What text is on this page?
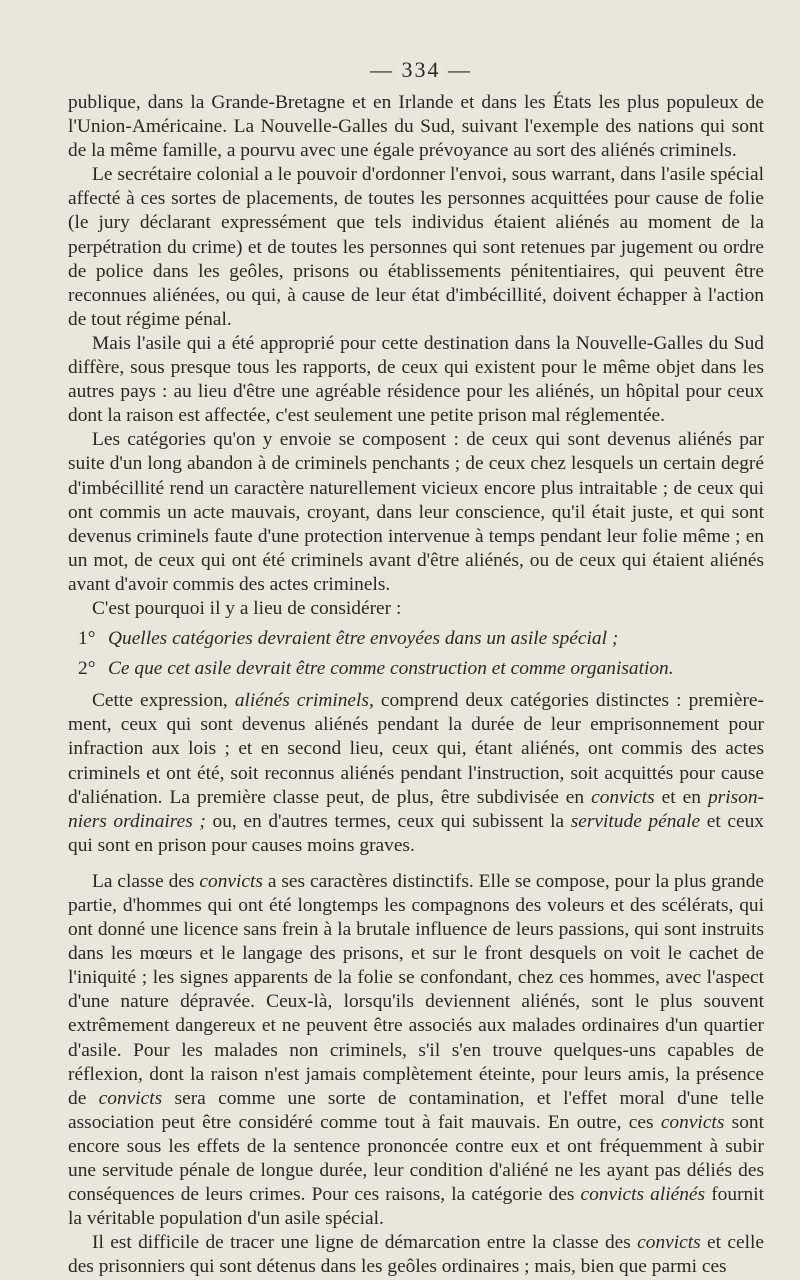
— 334 —

publique, dans la Grande-Bretagne et en Irlande et dans les États les plus populeux de l'Union-Américaine. La Nouvelle-Galles du Sud, suivant l'exemple des nations qui sont de la même famille, a pourvu avec une égale prévoyance au sort des aliénés criminels.

Le secrétaire colonial a le pouvoir d'ordonner l'envoi, sous warrant, dans l'asile spécial affecté à ces sortes de placements, de toutes les personnes acquittées pour cause de folie (le jury déclarant expressément que tels individus étaient aliénés au moment de la perpétration du crime) et de toutes les personnes qui sont retenues par jugement ou ordre de police dans les geôles, prisons ou établissements pénitentiaires, qui peuvent être reconnues aliénées, ou qui, à cause de leur état d'imbécillité, doivent échapper à l'action de tout régime pénal.

Mais l'asile qui a été approprié pour cette destination dans la Nouvelle-Galles du Sud diffère, sous presque tous les rapports, de ceux qui existent pour le même objet dans les autres pays : au lieu d'être une agréable résidence pour les aliénés, un hôpital pour ceux dont la raison est affectée, c'est seulement une petite prison mal réglementée.

Les catégories qu'on y envoie se composent : de ceux qui sont devenus aliénés par suite d'un long abandon à de criminels penchants ; de ceux chez lesquels un certain degré d'imbécillité rend un caractère naturellement vicieux encore plus intraitable ; de ceux qui ont commis un acte mauvais, croyant, dans leur conscience, qu'il était juste, et qui sont devenus criminels faute d'une protection intervenue à temps pendant leur folie même ; en un mot, de ceux qui ont été criminels avant d'être aliénés, ou de ceux qui étaient aliénés avant d'avoir commis des actes criminels.

C'est pourquoi il y a lieu de considérer :

1° Quelles catégories devraient être envoyées dans un asile spécial ;
2° Ce que cet asile devrait être comme construction et comme organisation.

Cette expression, aliénés criminels, comprend deux catégories distinctes : premièrement, ceux qui sont devenus aliénés pendant la durée de leur emprisonnement pour infraction aux lois ; et en second lieu, ceux qui, étant aliénés, ont commis des actes criminels et ont été, soit reconnus aliénés pendant l'instruction, soit acquittés pour cause d'aliénation. La première classe peut, de plus, être subdivisée en convicts et en prisonniers ordinaires ; ou, en d'autres termes, ceux qui subissent la servitude pénale et ceux qui sont en prison pour causes moins graves.

La classe des convicts a ses caractères distinctifs. Elle se compose, pour la plus grande partie, d'hommes qui ont été longtemps les compagnons des voleurs et des scélérats, qui ont donné une licence sans frein à la brutale influence de leurs passions, qui sont instruits dans les mœurs et le langage des prisons, et sur le front desquels on voit le cachet de l'iniquité ; les signes apparents de la folie se confondant, chez ces hommes, avec l'aspect d'une nature dépravée. Ceux-là, lorsqu'ils deviennent aliénés, sont le plus souvent extrêmement dangereux et ne peuvent être associés aux malades ordinaires d'un quartier d'asile. Pour les malades non criminels, s'il s'en trouve quelques-uns capables de réflexion, dont la raison n'est jamais complètement éteinte, pour leurs amis, la présence de convicts sera comme une sorte de contamination, et l'effet moral d'une telle association peut être considéré comme tout à fait mauvais. En outre, ces convicts sont encore sous les effets de la sentence prononcée contre eux et ont fréquemment à subir une servitude pénale de longue durée, leur condition d'aliéné ne les ayant pas déliés des conséquences de leurs crimes. Pour ces raisons, la catégorie des convicts aliénés fournit la véritable population d'un asile spécial.

Il est difficile de tracer une ligne de démarcation entre la classe des convicts et celle des prisonniers qui sont détenus dans les geôles ordinaires ; mais, bien que parmi ces
